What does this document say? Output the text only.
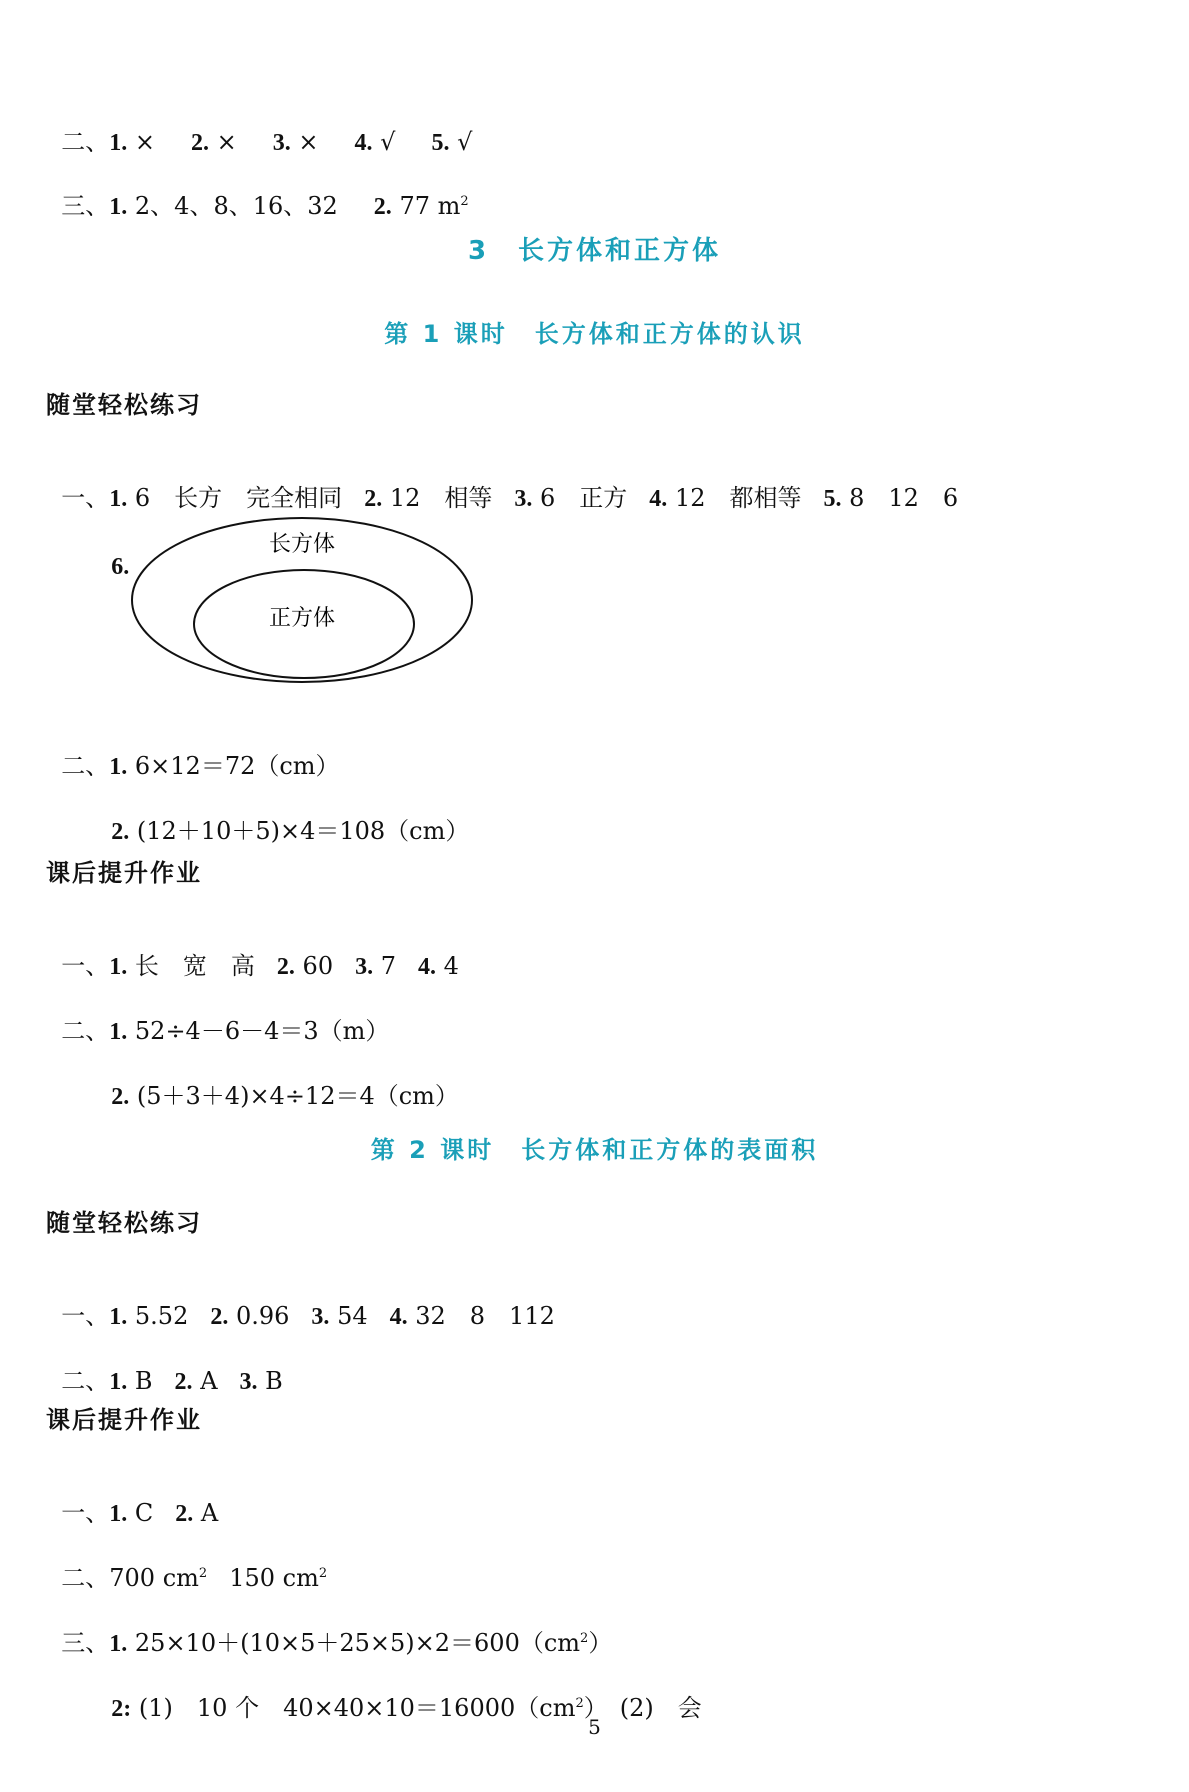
二、1. × 2. × 3. × 4. √ 5. √

三、1. 2、4、8、16、32 2. 77 $m^2$

3　长方体和正方体
第 1 课时　长方体和正方体的认识
随堂轻松练习

一、1. 6　长方　完全相同 2. 12　相等 3. 6　正方 4. 12　都相等 5. 8　12　6

6.

长方体
正方体

二、1. 6×12＝72（cm）

2. (12＋10＋5)×4＝108（cm）

课后提升作业

一、1. 长　宽　高 2. 60 3. 7 4. 4

二、1. 52÷4－6－4＝3（m）

2. (5＋3＋4)×4÷12＝4（cm）

第 2 课时　长方体和正方体的表面积
随堂轻松练习

一、1. 5.52 2. 0.96 3. 54 4. 32　8　112

二、1. B 2. A 3. B

课后提升作业

一、1. C 2. A

二、700 $cm^2$ 150 $cm^2$

三、1. $25\times 10+(10\times 5+25\times 5)\times 2=600(cm^2)$

2: (1)　10 个　$40\times 40\times 10=16000(cm^2)$　(2)　会

5
